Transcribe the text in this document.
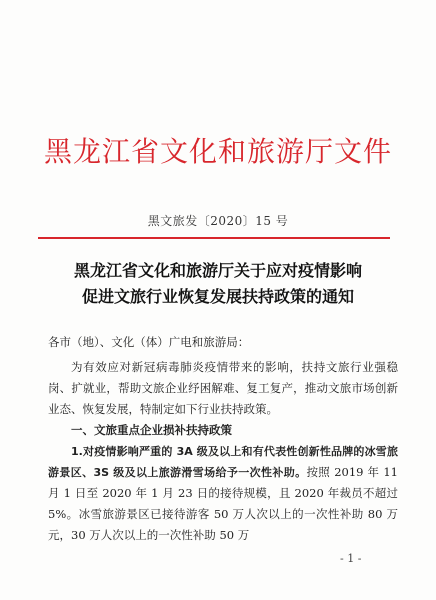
黑龙江省文化和旅游厅文件
黑文旅发〔2020〕15 号
黑龙江省文化和旅游厅关于应对疫情影响
促进文旅行业恢复发展扶持政策的通知
各市（地）、文化（体）广电和旅游局：
为有效应对新冠病毒肺炎疫情带来的影响，扶持文旅行业强稳岗、扩就业，帮助文旅企业纾困解难、复工复产，推动文旅市场创新业态、恢复发展，特制定如下行业扶持政策。
一、文旅重点企业损补扶持政策
1.对疫情影响严重的 3A 级及以上和有代表性创新性品牌的冰雪旅游景区、3S 级及以上旅游滑雪场给予一次性补助。按照 2019 年 11 月 1 日至 2020 年 1 月 23 日的接待规模，且 2020 年裁员不超过 5%。冰雪旅游景区已接待游客 50 万人次以上的一次性补助 80 万元，30 万人次以上的一次性补助 50 万
- 1 -
